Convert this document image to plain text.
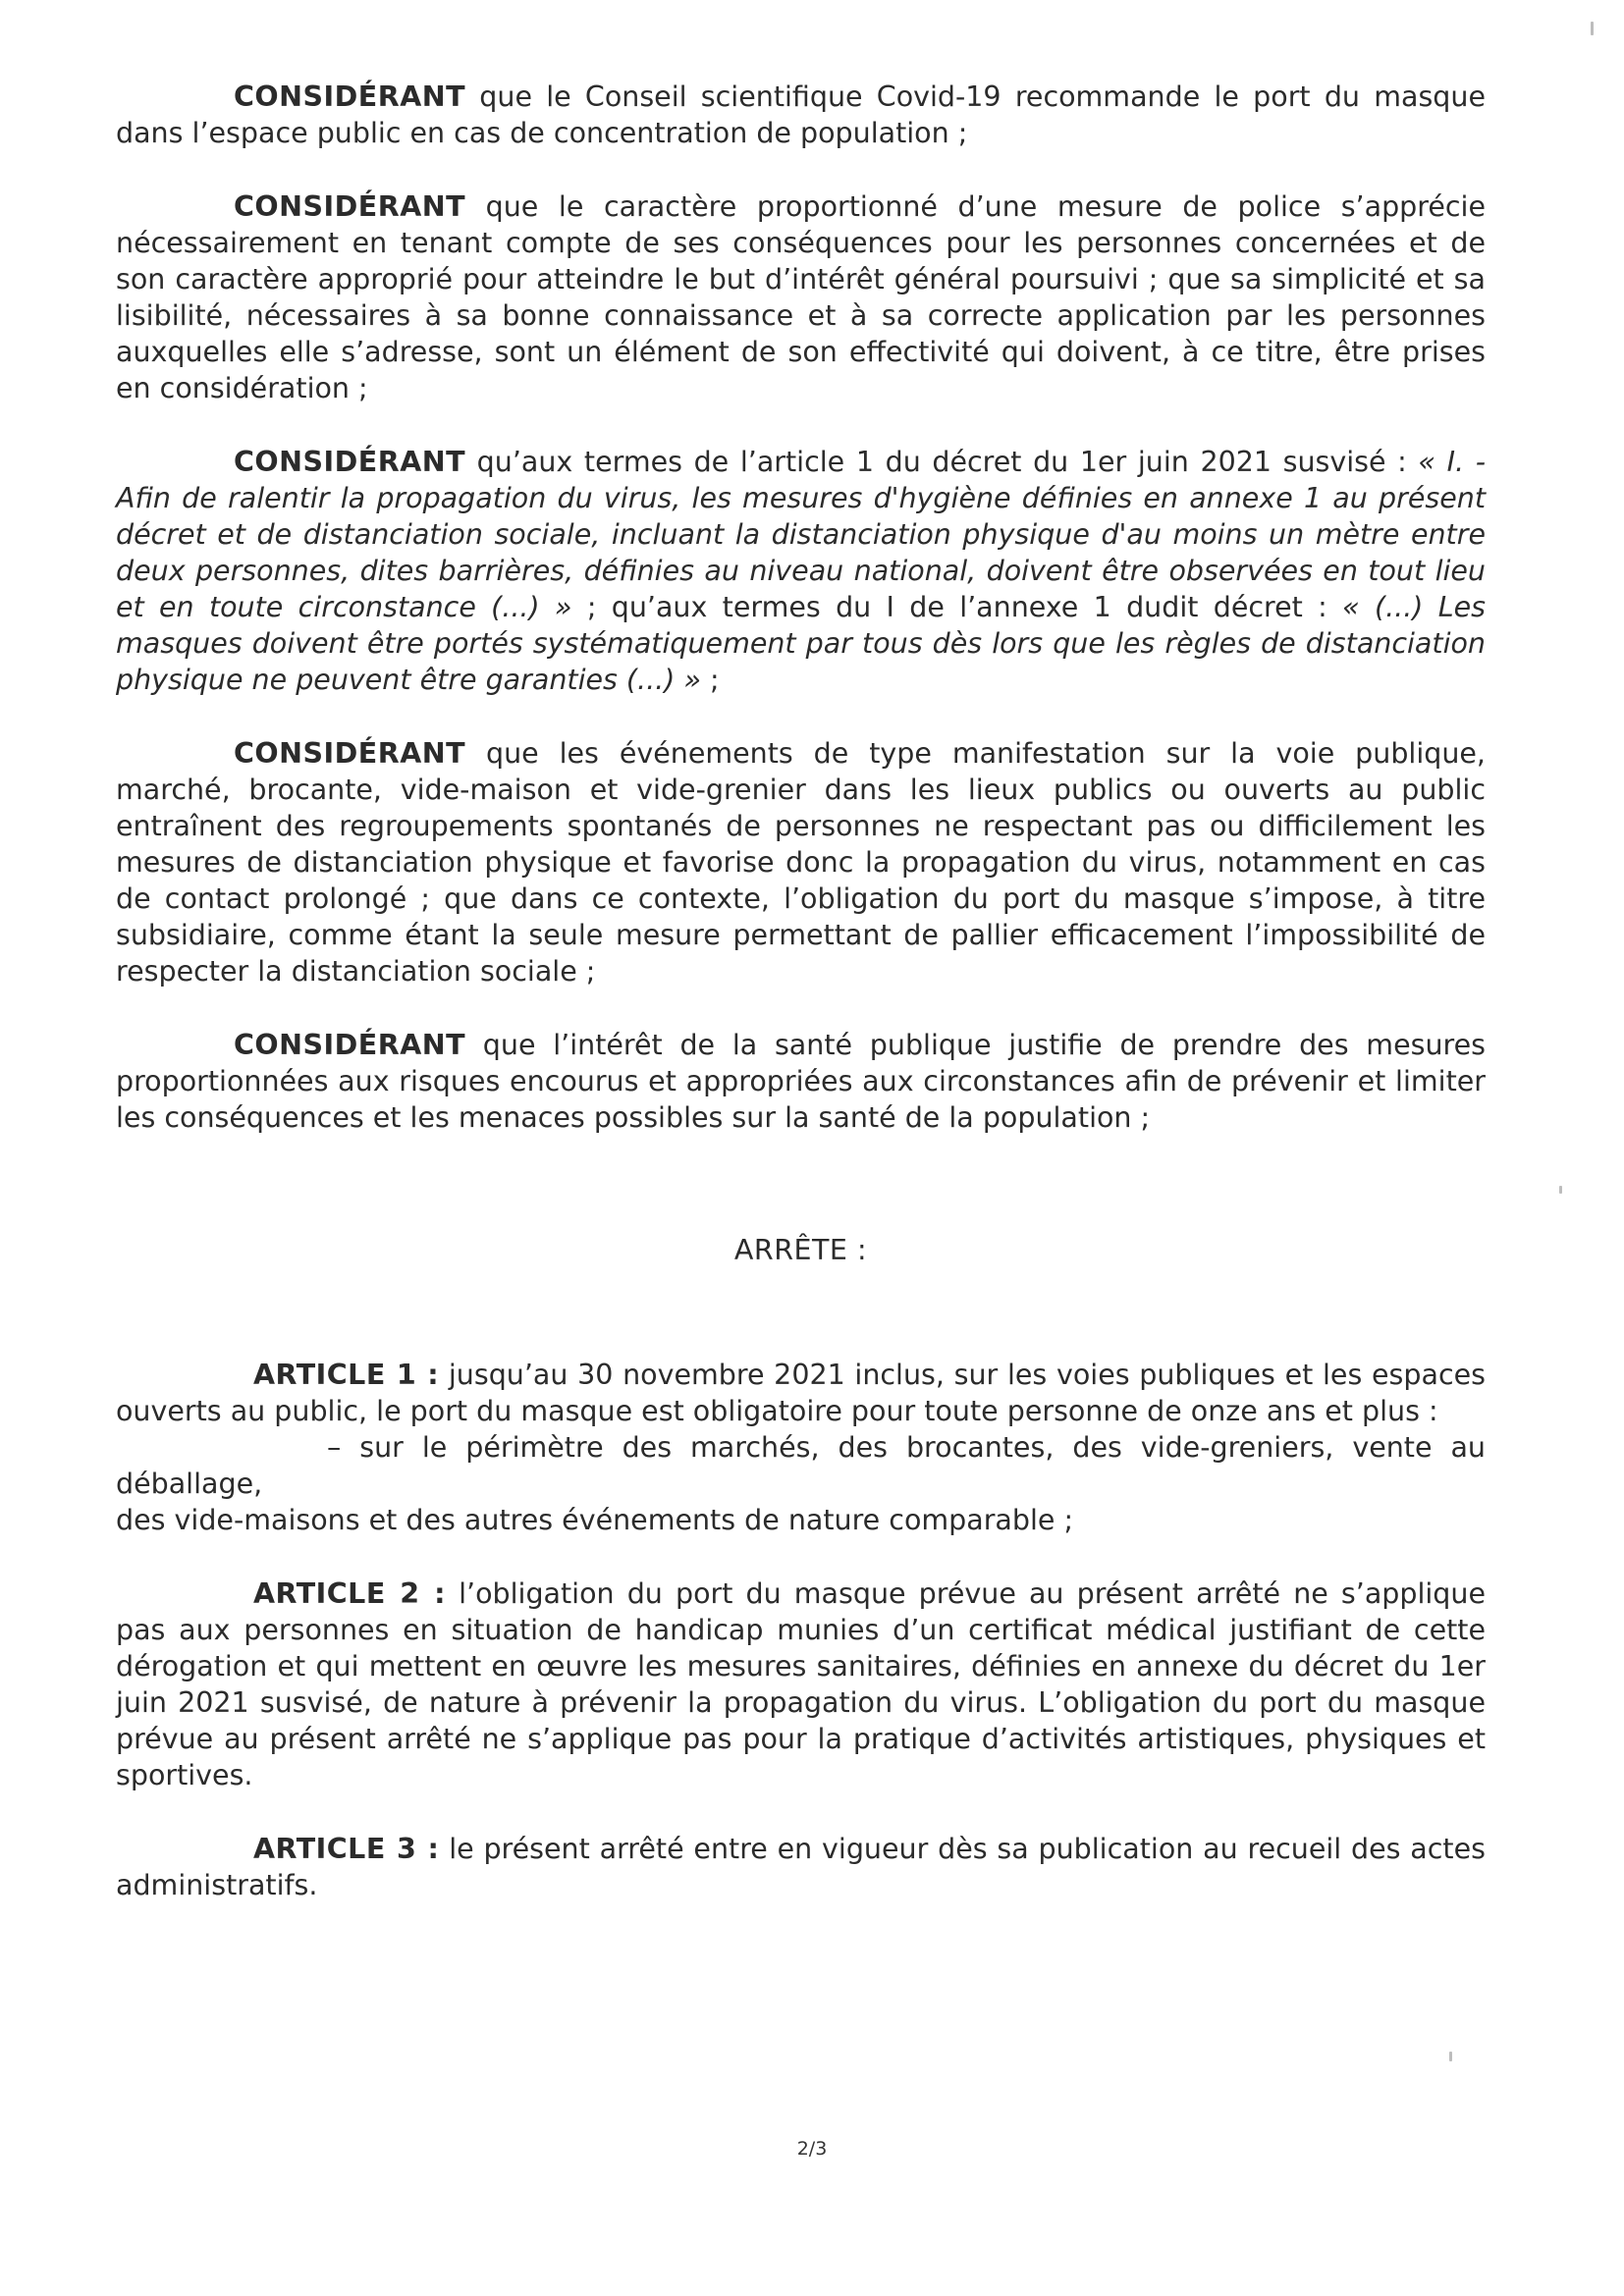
CONSIDÉRANT que le Conseil scientifique Covid-19 recommande le port du masque dans l’espace public en cas de concentration de population ;

CONSIDÉRANT que le caractère proportionné d’une mesure de police s’apprécie nécessairement en tenant compte de ses conséquences pour les personnes concernées et de son caractère approprié pour atteindre le but d’intérêt général poursuivi ; que sa simplicité et sa lisibilité, nécessaires à sa bonne connaissance et à sa correcte application par les personnes auxquelles elle s’adresse, sont un élément de son effectivité qui doivent, à ce titre, être prises en considération ;

CONSIDÉRANT qu’aux termes de l’article 1 du décret du 1er juin 2021 susvisé : « I. - Afin de ralentir la propagation du virus, les mesures d'hygiène définies en annexe 1 au présent décret et de distanciation sociale, incluant la distanciation physique d'au moins un mètre entre deux personnes, dites barrières, définies au niveau national, doivent être observées en tout lieu et en toute circonstance (...) » ; qu’aux termes du I de l’annexe 1 dudit décret : « (...) Les masques doivent être portés systématiquement par tous dès lors que les règles de distanciation physique ne peuvent être garanties (...) » ;

CONSIDÉRANT que les événements de type manifestation sur la voie publique, marché, brocante, vide-maison et vide-grenier dans les lieux publics ou ouverts au public entraînent des regroupements spontanés de personnes ne respectant pas ou difficilement les mesures de distanciation physique et favorise donc la propagation du virus, notamment en cas de contact prolongé ; que dans ce contexte, l’obligation du port du masque s’impose, à titre subsidiaire, comme étant la seule mesure permettant de pallier efficacement l’impossibilité de respecter la distanciation sociale ;

CONSIDÉRANT que l’intérêt de la santé publique justifie de prendre des mesures proportionnées aux risques encourus et appropriées aux circonstances afin de prévenir et limiter les conséquences et les menaces possibles sur la santé de la population ;

ARRÊTE :

ARTICLE 1 : jusqu’au 30 novembre 2021 inclus, sur les voies publiques et les espaces ouverts au public, le port du masque est obligatoire pour toute personne de onze ans et plus :

– sur le périmètre des marchés, des brocantes, des vide-greniers, vente au déballage,

des vide-maisons et des autres événements de nature comparable ;

ARTICLE 2 : l’obligation du port du masque prévue au présent arrêté ne s’applique pas aux personnes en situation de handicap munies d’un certificat médical justifiant de cette dérogation et qui mettent en œuvre les mesures sanitaires, définies en annexe du décret du 1er juin 2021 susvisé, de nature à prévenir la propagation du virus. L’obligation du port du masque prévue au présent arrêté ne s’applique pas pour la pratique d’activités artistiques, physiques et sportives.

ARTICLE 3 : le présent arrêté entre en vigueur dès sa publication au recueil des actes administratifs.

2/3
